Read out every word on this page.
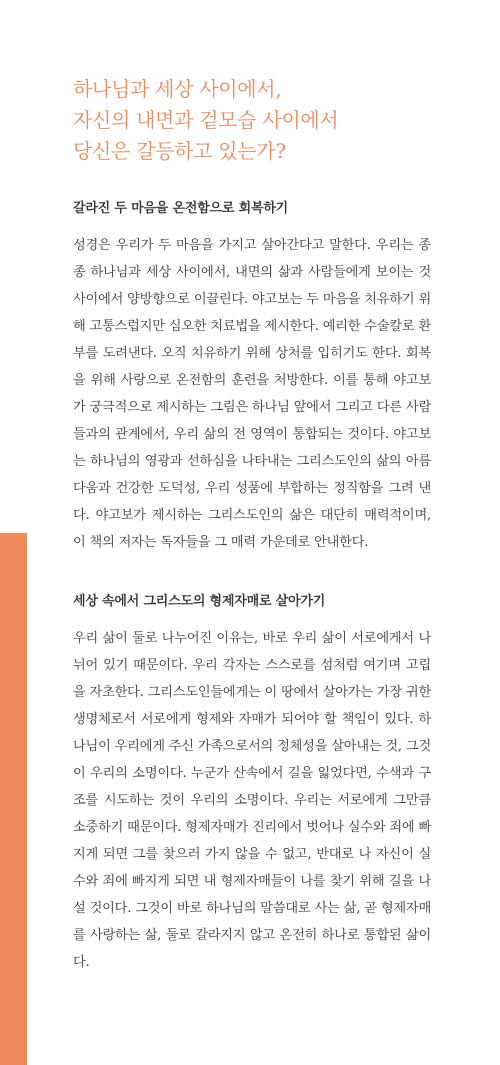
하나님과 세상 사이에서,
자신의 내면과 겉모습 사이에서
당신은 갈등하고 있는가?
갈라진 두 마음을 온전함으로 회복하기

성경은 우리가 두 마음을 가지고 살아간다고 말한다. 우리는 종종 하나님과 세상 사이에서, 내면의 삶과 사람들에게 보이는 것 사이에서 양방향으로 이끌린다. 야고보는 두 마음을 치유하기 위해 고통스럽지만 심오한 치료법을 제시한다. 예리한 수술칼로 환부를 도려낸다. 오직 치유하기 위해 상처를 입히기도 한다. 회복을 위해 사랑으로 온전함의 훈련을 처방한다. 이를 통해 야고보가 궁극적으로 제시하는 그림은 하나님 앞에서 그리고 다른 사람들과의 관계에서, 우리 삶의 전 영역이 통합되는 것이다. 야고보는 하나님의 영광과 선하심을 나타내는 그리스도인의 삶의 아름다움과 건강한 도덕성, 우리 성품에 부합하는 정직함을 그려 낸다. 야고보가 제시하는 그리스도인의 삶은 대단히 매력적이며, 이 책의 저자는 독자들을 그 매력 가운데로 안내한다.

세상 속에서 그리스도의 형제자매로 살아가기

우리 삶이 둘로 나누어진 이유는, 바로 우리 삶이 서로에게서 나뉘어 있기 때문이다. 우리 각자는 스스로를 섬처럼 여기며 고립을 자초한다. 그리스도인들에게는 이 땅에서 살아가는 가장 귀한 생명체로서 서로에게 형제와 자매가 되어야 할 책임이 있다. 하나님이 우리에게 주신 가족으로서의 정체성을 살아내는 것, 그것이 우리의 소명이다. 누군가 산속에서 길을 잃었다면, 수색과 구조를 시도하는 것이 우리의 소명이다. 우리는 서로에게 그만큼 소중하기 때문이다. 형제자매가 진리에서 벗어나 실수와 죄에 빠지게 되면 그를 찾으러 가지 않을 수 없고, 반대로 나 자신이 실수와 죄에 빠지게 되면 내 형제자매들이 나를 찾기 위해 길을 나설 것이다. 그것이 바로 하나님의 말씀대로 사는 삶, 곧 형제자매를 사랑하는 삶, 둘로 갈라지지 않고 온전히 하나로 통합된 삶이다.
